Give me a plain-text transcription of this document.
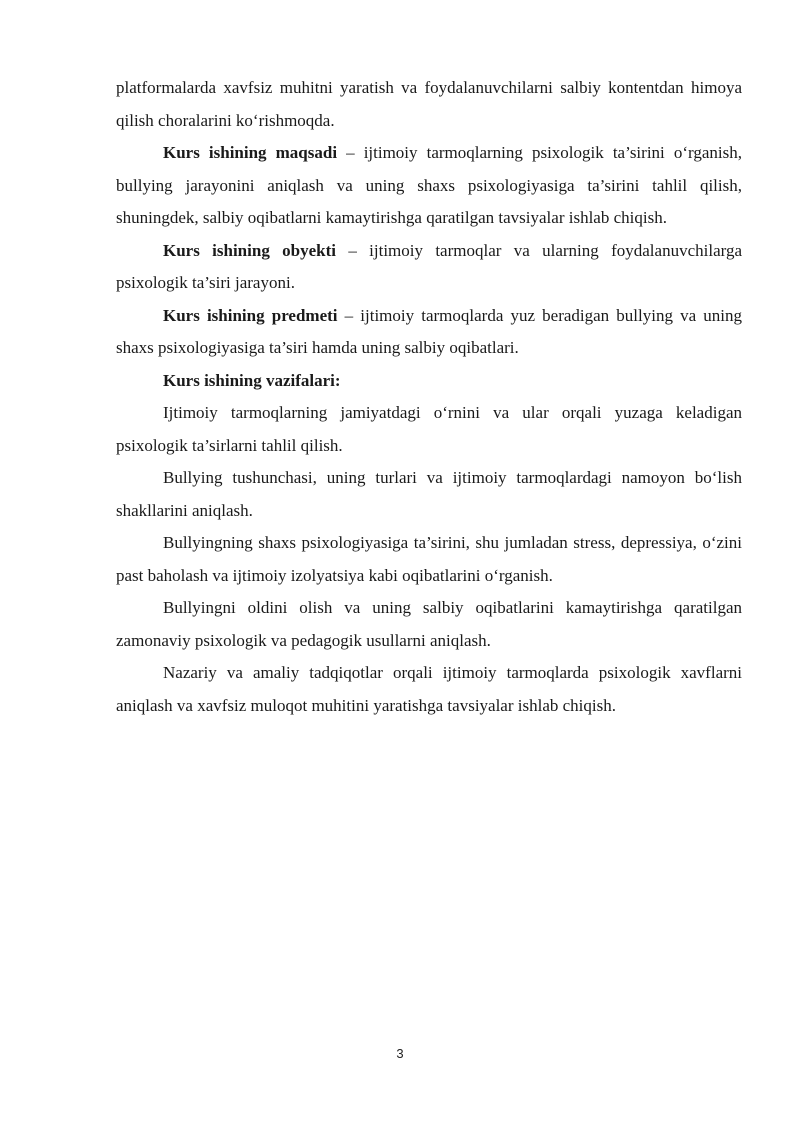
platformalarda xavfsiz muhitni yaratish va foydalanuvchilarni salbiy kontentdan himoya qilish choralarini ko‘rishmoqda.

Kurs ishining maqsadi – ijtimoiy tarmoqlarning psixologik ta’sirini o‘rganish, bullying jarayonini aniqlash va uning shaxs psixologiyasiga ta’sirini tahlil qilish, shuningdek, salbiy oqibatlarni kamaytirishga qaratilgan tavsiyalar ishlab chiqish.

Kurs ishining obyekti – ijtimoiy tarmoqlar va ularning foydalanuvchilarga psixologik ta’siri jarayoni.

Kurs ishining predmeti – ijtimoiy tarmoqlarda yuz beradigan bullying va uning shaxs psixologiyasiga ta’siri hamda uning salbiy oqibatlari.

Kurs ishining vazifalari:

Ijtimoiy tarmoqlarning jamiyatdagi o‘rnini va ular orqali yuzaga keladigan psixologik ta’sirlarni tahlil qilish.

Bullying tushunchasi, uning turlari va ijtimoiy tarmoqlardagi namoyon bo‘lish shakllarini aniqlash.

Bullyingning shaxs psixologiyasiga ta’sirini, shu jumladan stress, depressiya, o‘zini past baholash va ijtimoiy izolyatsiya kabi oqibatlarini o‘rganish.

Bullyingni oldini olish va uning salbiy oqibatlarini kamaytirishga qaratilgan zamonaviy psixologik va pedagogik usullarni aniqlash.

Nazariy va amaliy tadqiqotlar orqali ijtimoiy tarmoqlarda psixologik xavflarni aniqlash va xavfsiz muloqot muhitini yaratishga tavsiyalar ishlab chiqish.

3
